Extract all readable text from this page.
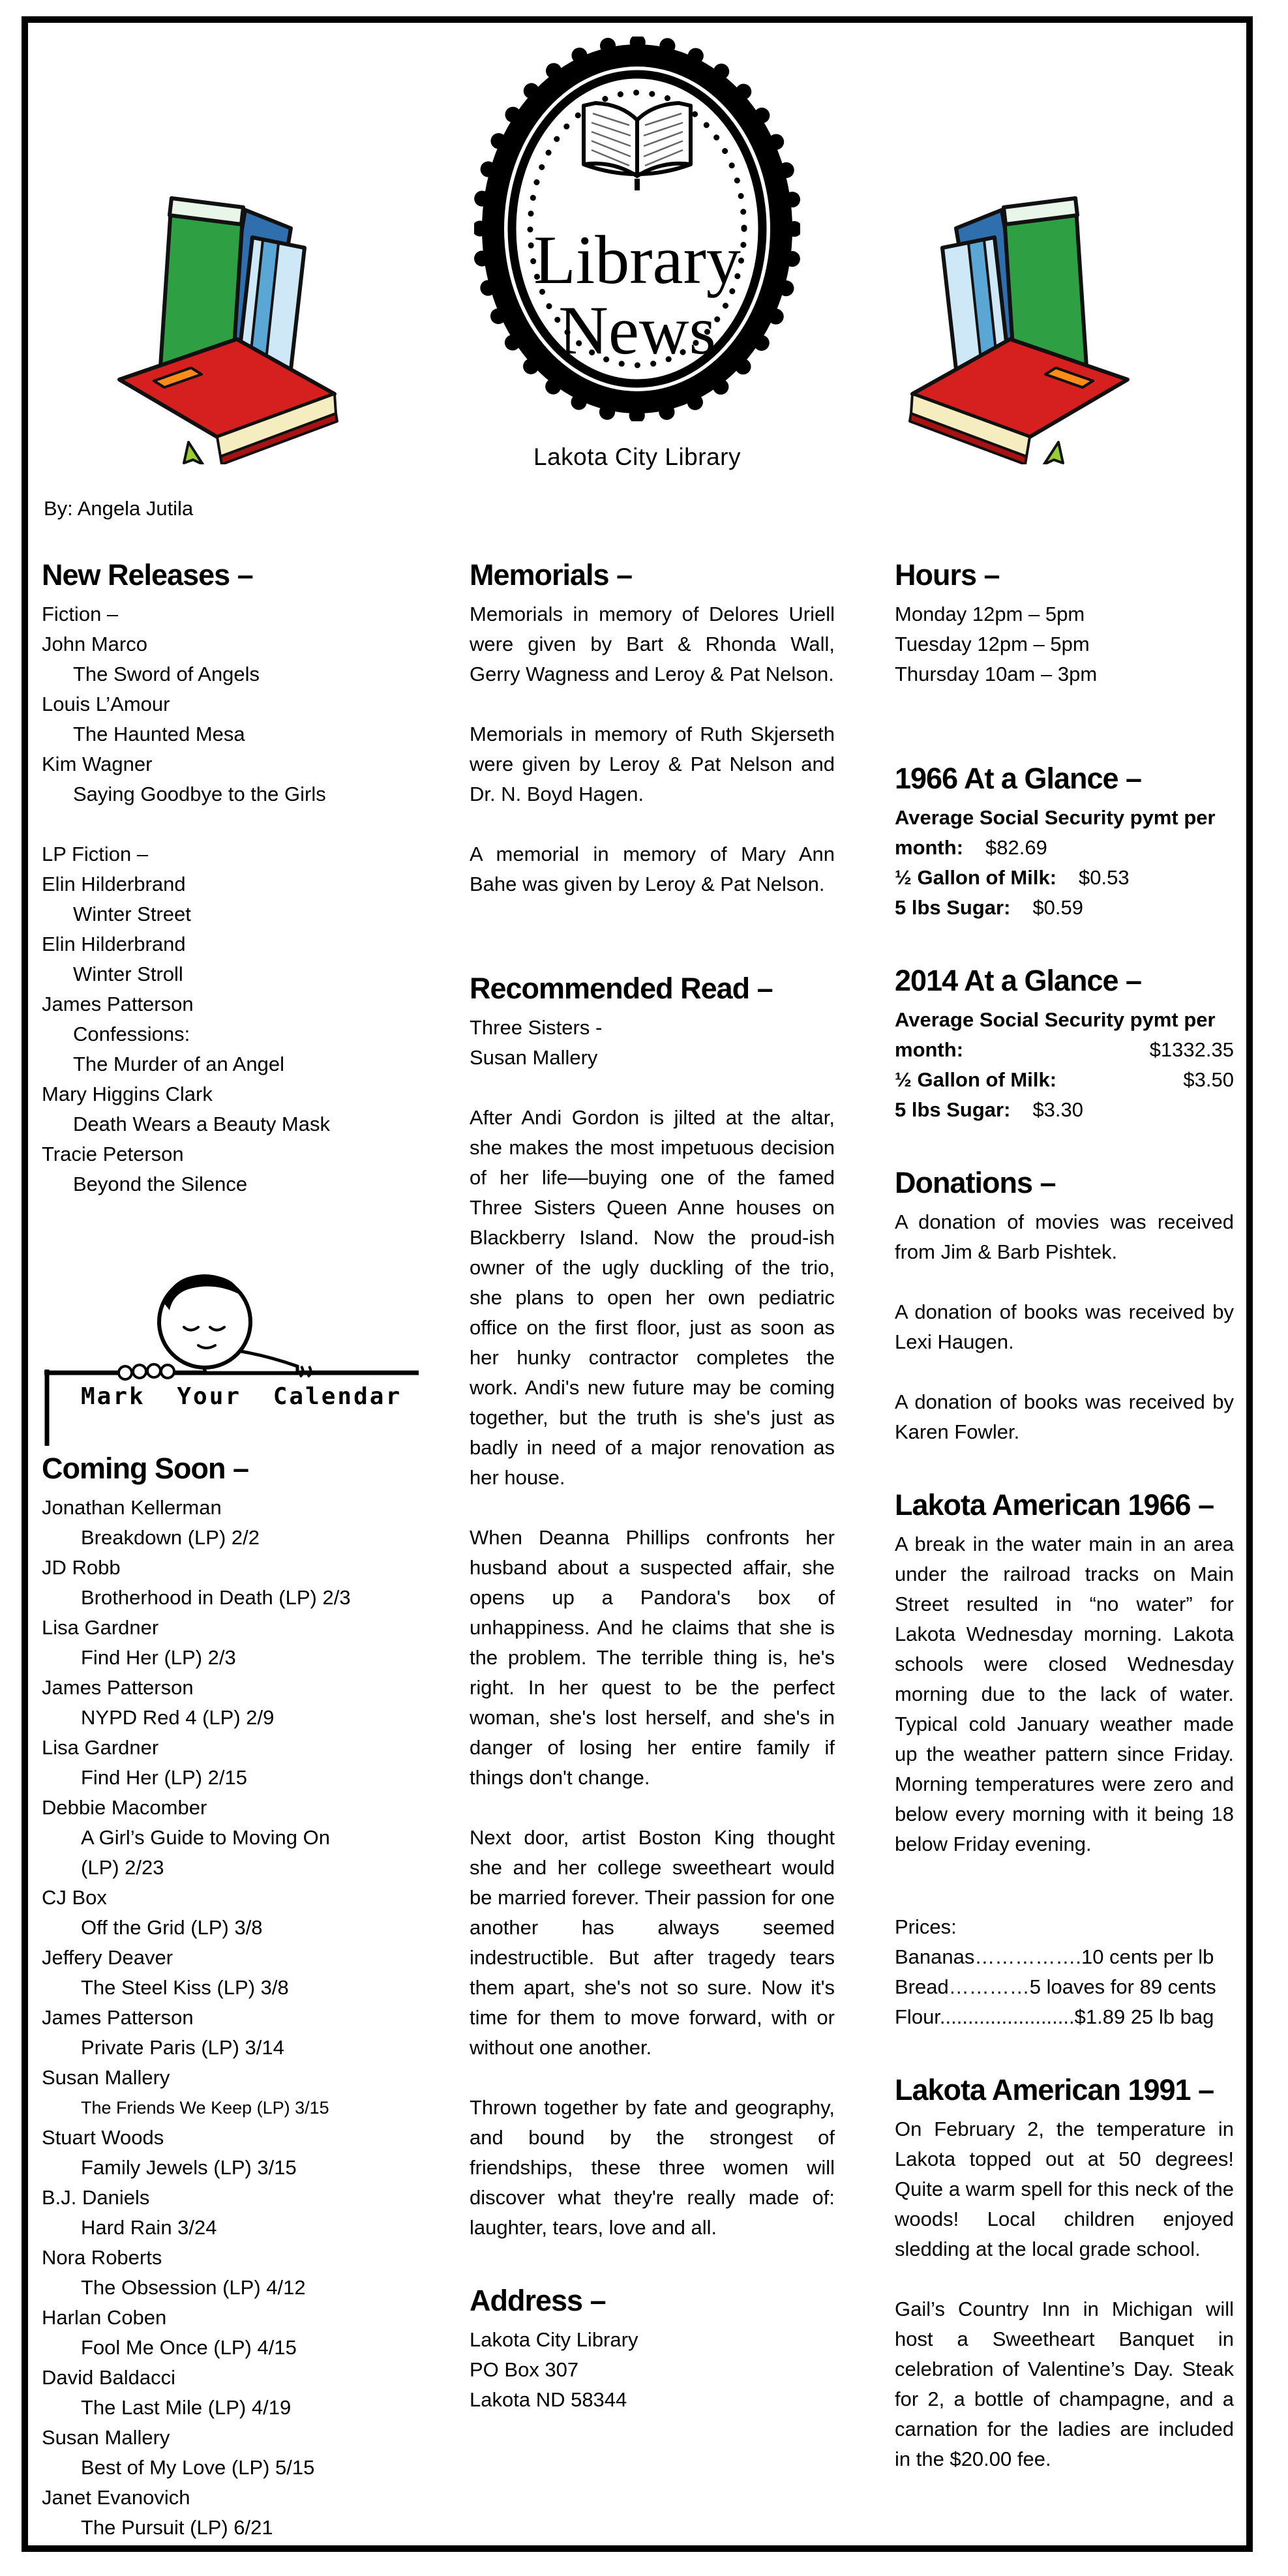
Library
News
Lakota City Library
By: Angela Jutila
New Releases –
Fiction –
John Marco
The Sword of Angels
Louis L’Amour
The Haunted Mesa
Kim Wagner
Saying Goodbye to the Girls
LP Fiction –
Elin Hilderbrand
Winter Street
Elin Hilderbrand
Winter Stroll
James Patterson
Confessions:
The Murder of an Angel
Mary Higgins Clark
Death Wears a Beauty Mask
Tracie Peterson
Beyond the Silence
Mark Your Calendar
Coming Soon –
Jonathan Kellerman
Breakdown (LP) 2/2
JD Robb
Brotherhood in Death (LP) 2/3
Lisa Gardner
Find Her (LP) 2/3
James Patterson
NYPD Red 4 (LP) 2/9
Lisa Gardner
Find Her (LP) 2/15
Debbie Macomber
A Girl’s Guide to Moving On
(LP) 2/23
CJ Box
Off the Grid (LP) 3/8
Jeffery Deaver
The Steel Kiss (LP) 3/8
James Patterson
Private Paris (LP) 3/14
Susan Mallery
The Friends We Keep (LP) 3/15
Stuart Woods
Family Jewels (LP) 3/15
B.J. Daniels
Hard Rain 3/24
Nora Roberts
The Obsession (LP) 4/12
Harlan Coben
Fool Me Once (LP) 4/15
David Baldacci
The Last Mile (LP) 4/19
Susan Mallery
Best of My Love (LP) 5/15
Janet Evanovich
The Pursuit (LP) 6/21
Memorials –

Memorials in memory of Delores Uriell were given by Bart & Rhonda Wall, Gerry Wagness and Leroy & Pat Nelson.

Memorials in memory of Ruth Skjerseth were given by Leroy & Pat Nelson and Dr. N. Boyd Hagen.

A memorial in memory of Mary Ann Bahe was given by Leroy & Pat Nelson.

Recommended Read –
Three Sisters -
Susan Mallery

After Andi Gordon is jilted at the altar, she makes the most impetuous decision of her life—buying one of the famed Three Sisters Queen Anne houses on Blackberry Island. Now the proud-ish owner of the ugly duckling of the trio, she plans to open her own pediatric office on the first floor, just as soon as her hunky contractor completes the work. Andi's new future may be coming together, but the truth is she's just as badly in need of a major renovation as her house.

When Deanna Phillips confronts her husband about a suspected affair, she opens up a Pandora's box of unhappiness. And he claims that she is the problem. The terrible thing is, he's right. In her quest to be the perfect woman, she's lost herself, and she's in danger of losing her entire family if things don't change.

Next door, artist Boston King thought she and her college sweetheart would be married forever. Their passion for one another has always seemed indestructible. But after tragedy tears them apart, she's not so sure. Now it's time for them to move forward, with or without one another.

Thrown together by fate and geography, and bound by the strongest of friendships, these three women will discover what they're really made of: laughter, tears, love and all.

Address –
Lakota City Library
PO Box 307
Lakota ND 58344
Hours –
Monday 12pm – 5pm
Tuesday 12pm – 5pm
Thursday 10am – 3pm
1966 At a Glance –
Average Social Security pymt per
month : $82.69
½ Gallon of Milk : $0.53
5 lbs Sugar : $0.59
2014 At a Glance –
Average Social Security pymt per
month :	$1332.35
½ Gallon of Milk :	$3.50
5 lbs Sugar : $3.30
Donations –

A donation of movies was received from Jim & Barb Pishtek.

A donation of books was received by Lexi Haugen.

A donation of books was received by Karen Fowler.

Lakota American 1966 –

A break in the water main in an area under the railroad tracks on Main Street resulted in “no water” for Lakota Wednesday morning. Lakota schools were closed Wednesday morning due to the lack of water. Typical cold January weather made up the weather pattern since Friday. Morning temperatures were zero and below every morning with it being 18 below Friday evening.

Prices:
Bananas…………….10 cents per lb
Bread…………5 loaves for 89 cents
Flour........................$1.89 25 lb bag
Lakota American 1991 –

On February 2, the temperature in Lakota topped out at 50 degrees! Quite a warm spell for this neck of the woods! Local children enjoyed sledding at the local grade school.

Gail’s Country Inn in Michigan will host a Sweetheart Banquet in celebration of Valentine’s Day. Steak for 2, a bottle of champagne, and a carnation for the ladies are included in the $20.00 fee.
